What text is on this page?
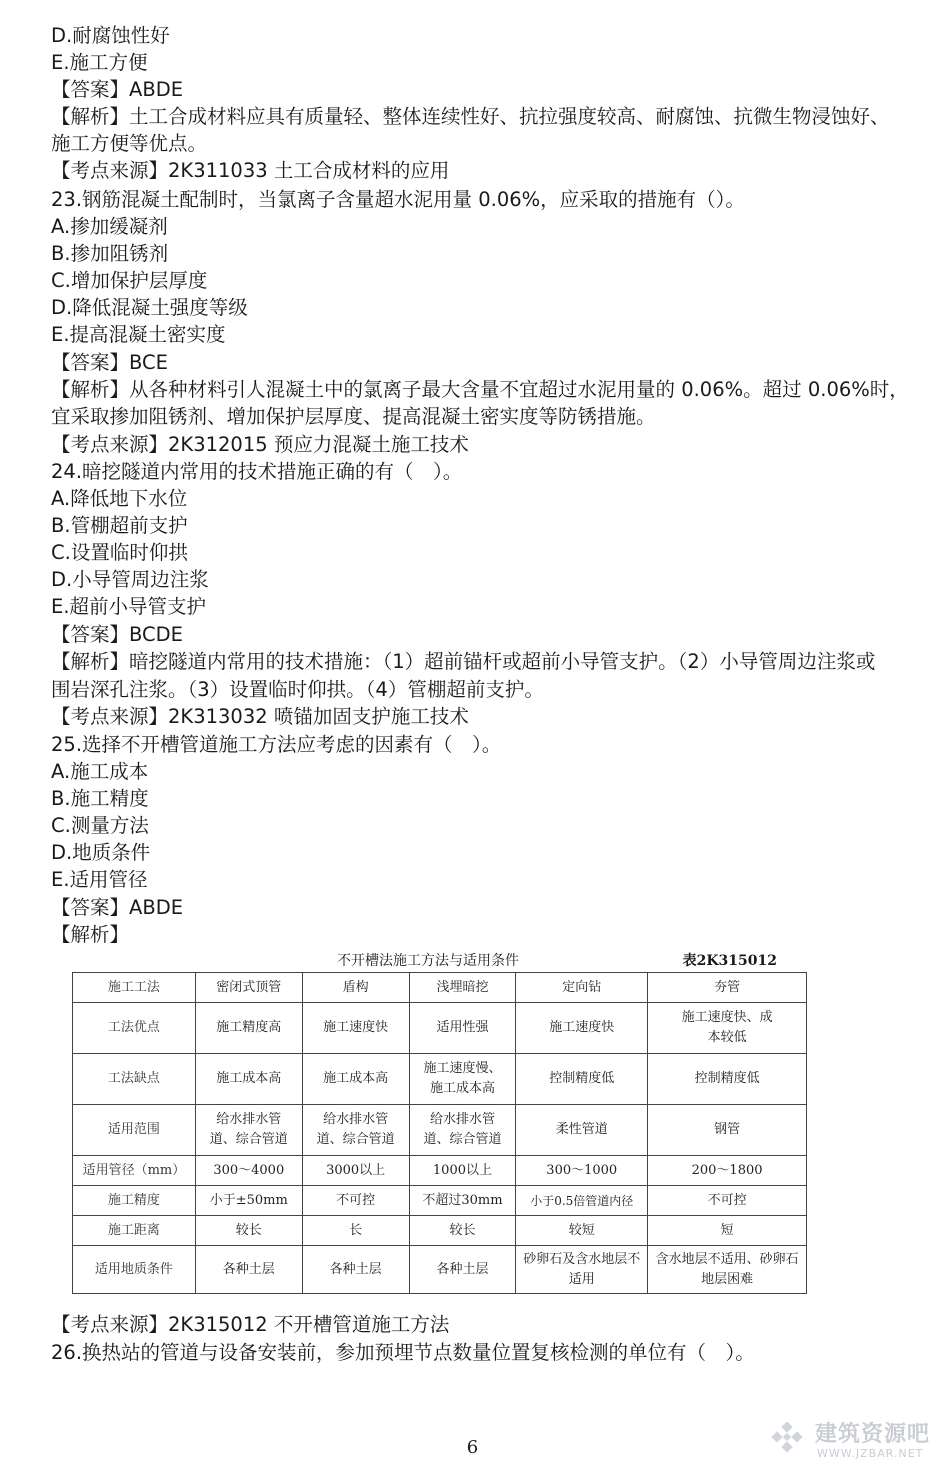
D.耐腐蚀性好
E.施工方便
【答案】ABDE
【解析】土工合成材料应具有质量轻、整体连续性好、抗拉强度较高、耐腐蚀、抗微生物浸蚀好、
施工方便等优点。
【考点来源】2K311033 土工合成材料的应用
23.钢筋混凝土配制时，当氯离子含量超水泥用量 0.06%，应采取的措施有（）。
A.掺加缓凝剂
B.掺加阻锈剂
C.增加保护层厚度
D.降低混凝土强度等级
E.提高混凝土密实度
【答案】BCE
【解析】从各种材料引人混凝土中的氯离子最大含量不宜超过水泥用量的 0.06%。超过 0.06%时，
宜采取掺加阻锈剂、增加保护层厚度、提高混凝土密实度等防锈措施。
【考点来源】2K312015 预应力混凝土施工技术
24.暗挖隧道内常用的技术措施正确的有（　）。
A.降低地下水位
B.管棚超前支护
C.设置临时仰拱
D.小导管周边注浆
E.超前小导管支护
【答案】BCDE
【解析】暗挖隧道内常用的技术措施：（1）超前锚杆或超前小导管支护。（2）小导管周边注浆或
围岩深孔注浆。（3）设置临时仰拱。（4）管棚超前支护。
【考点来源】2K313032 喷锚加固支护施工技术
25.选择不开槽管道施工方法应考虑的因素有（　）。
A.施工成本
B.施工精度
C.测量方法
D.地质条件
E.适用管径
【答案】ABDE
【解析】
不开槽法施工方法与适用条件	表2K315012
施工工法	密闭式顶管	盾构	浅埋暗挖	定向钻	夯管
工法优点	施工精度高	施工速度快	适用性强	施工速度快	施工速度快、成本较低
工法缺点	施工成本高	施工成本高	施工速度慢、施工成本高	控制精度低	控制精度低
适用范围	给水排水管道、综合管道	给水排水管道、综合管道	给水排水管道、综合管道	柔性管道	钢管
适用管径（mm）	300～4000	3000以上	1000以上	300～1000	200～1800
施工精度	小于±50mm	不可控	不超过30mm	小于0.5倍管道内径	不可控
施工距离	较长	长	较长	较短	短
适用地质条件	各种土层	各种土层	各种土层	砂卵石及含水地层不适用	含水地层不适用、砂卵石地层困难
【考点来源】2K315012 不开槽管道施工方法
26.换热站的管道与设备安装前，参加预埋节点数量位置复核检测的单位有（　）。
6
建筑资源吧
WWW.JZBAR.NET
